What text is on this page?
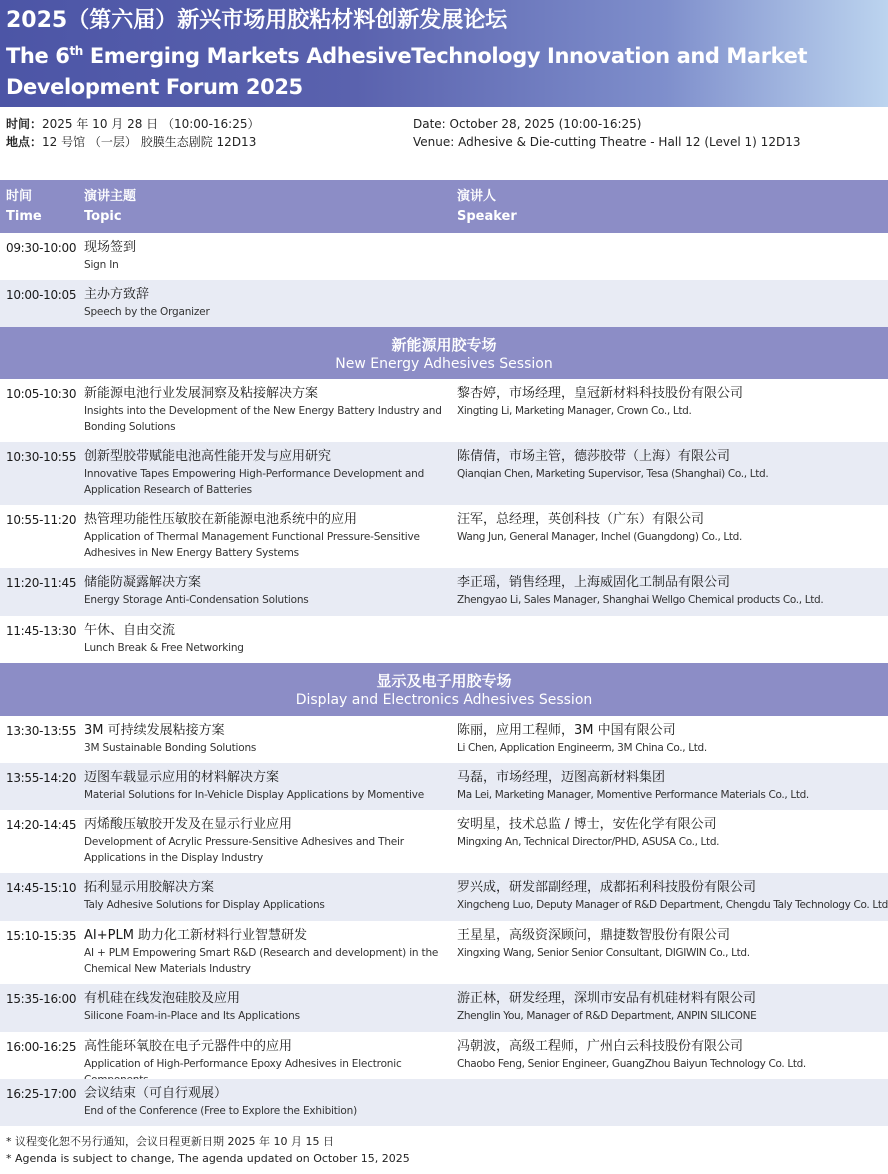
2025（第六届）新兴市场用胶粘材料创新发展论坛
The 6th Emerging Markets AdhesiveTechnology Innovation and Market Development Forum 2025
时间：2025 年 10 月 28 日 （10:00-16:25）
地点：12 号馆 （一层） 胶膜生态剧院 12D13
Date: October 28, 2025 (10:00-16:25)
Venue: Adhesive & Die-cutting Theatre - Hall 12 (Level 1) 12D13
时间
Time
演讲主题
Topic
演讲人
Speaker
09:30-10:00 现场签到
Sign In
10:00-10:05 主办方致辞
Speech by the Organizer
新能源用胶专场
New Energy Adhesives Session
10:05-10:30 新能源电池行业发展洞察及粘接解决方案
Insights into the Development of the New Energy Battery Industry and Bonding Solutions
黎杏婷，市场经理，皇冠新材料科技股份有限公司
Xingting Li, Marketing Manager, Crown Co., Ltd.
10:30-10:55 创新型胶带赋能电池高性能开发与应用研究
Innovative Tapes Empowering High-Performance Development and Application Research of Batteries
陈倩倩，市场主管，德莎胶带（上海）有限公司
Qianqian Chen, Marketing Supervisor, Tesa (Shanghai) Co., Ltd.
10:55-11:20 热管理功能性压敏胶在新能源电池系统中的应用
Application of Thermal Management Functional Pressure-Sensitive Adhesives in New Energy Battery Systems
汪军，总经理，英创科技（广东）有限公司
Wang Jun, General Manager, Inchel (Guangdong) Co., Ltd.
11:20-11:45 储能防凝露解决方案
Energy Storage Anti-Condensation Solutions
李正瑶，销售经理，上海威固化工制品有限公司
Zhengyao Li, Sales Manager, Shanghai Wellgo Chemical products Co., Ltd.
11:45-13:30 午休、自由交流
Lunch Break & Free Networking
显示及电子用胶专场
Display and Electronics Adhesives Session
13:30-13:55 3M 可持续发展粘接方案
3M Sustainable Bonding Solutions
陈丽，应用工程师，3M 中国有限公司
Li Chen, Application Engineerm, 3M China Co., Ltd.
13:55-14:20 迈图车载显示应用的材料解决方案
Material Solutions for In-Vehicle Display Applications by Momentive
马磊，市场经理，迈图高新材料集团
Ma Lei, Marketing Manager, Momentive Performance Materials Co., Ltd.
14:20-14:45 丙烯酸压敏胶开发及在显示行业应用
Development of Acrylic Pressure-Sensitive Adhesives and Their Applications in the Display Industry
安明星，技术总监 / 博士，安佐化学有限公司
Mingxing An, Technical Director/PHD, ASUSA Co., Ltd.
14:45-15:10 拓利显示用胶解决方案
Taly Adhesive Solutions for Display Applications
罗兴成，研发部副经理，成都拓利科技股份有限公司
Xingcheng Luo, Deputy Manager of R&D Department, Chengdu Taly Technology Co. Ltd
15:10-15:35 AI+PLM 助力化工新材料行业智慧研发
AI + PLM Empowering Smart R&D (Research and development) in the Chemical New Materials Industry
王星星，高级资深顾问，鼎捷数智股份有限公司
Xingxing Wang, Senior Senior Consultant, DIGIWIN Co., Ltd.
15:35-16:00 有机硅在线发泡硅胶及应用
Silicone Foam-in-Place and Its Applications
游正林，研发经理，深圳市安品有机硅材料有限公司
Zhenglin You, Manager of R&D Department, ANPIN SILICONE
16:00-16:25 高性能环氧胶在电子元器件中的应用
Application of High-Performance Epoxy Adhesives in Electronic
冯朝波，高级工程师，广州白云科技股份有限公司
Chaobo Feng, Senior Engineer, GuangZhou Baiyun Technology Co. Ltd.
16:25-17:00 会议结束（可自行观展）
End of the Conference (Free to Explore the Exhibition)
* 议程变化恕不另行通知，会议日程更新日期 2025 年 10 月 15 日
* Agenda is subject to change, The agenda updated on October 15, 2025
